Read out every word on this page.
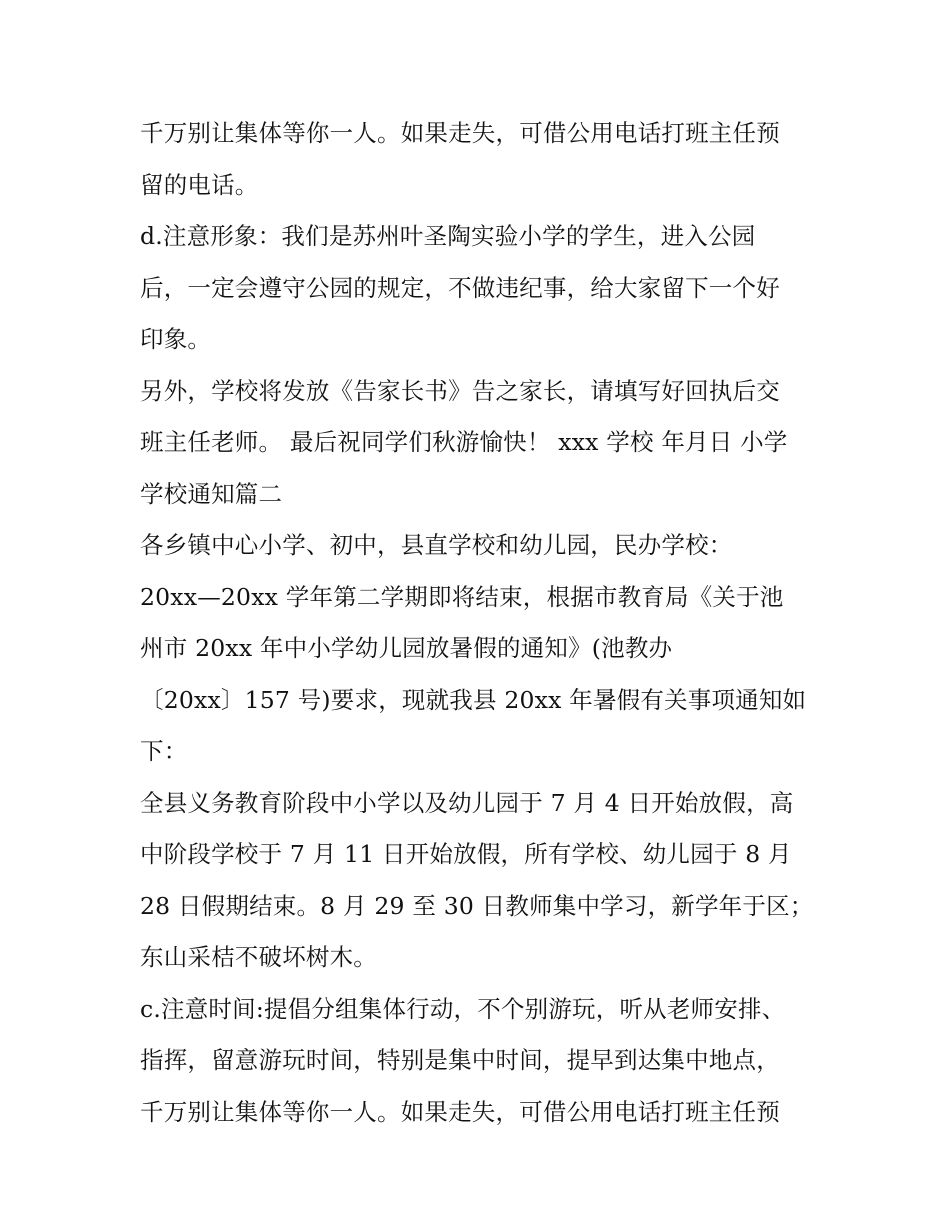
千万别让集体等你一人。如果走失，可借公用电话打班主任预
留的电话。
d.注意形象：我们是苏州叶圣陶实验小学的学生，进入公园
后，一定会遵守公园的规定，不做违纪事，给大家留下一个好
印象。
另外，学校将发放《告家长书》告之家长，请填写好回执后交
班主任老师。 最后祝同学们秋游愉快！ xxx 学校 年月日 小学
学校通知篇二
各乡镇中心小学、初中，县直学校和幼儿园，民办学校：
20xx—20xx 学年第二学期即将结束，根据市教育局《关于池
州市 20xx 年中小学幼儿园放暑假的通知》(池教办
〔20xx〕157 号)要求，现就我县 20xx 年暑假有关事项通知如
下：
全县义务教育阶段中小学以及幼儿园于 7 月 4 日开始放假，高
中阶段学校于 7 月 11 日开始放假，所有学校、幼儿园于 8 月
28 日假期结束。8 月 29 至 30 日教师集中学习，新学年于区；
东山采桔不破坏树木。
c.注意时间:提倡分组集体行动，不个别游玩，听从老师安排、
指挥，留意游玩时间，特别是集中时间，提早到达集中地点，
千万别让集体等你一人。如果走失，可借公用电话打班主任预
